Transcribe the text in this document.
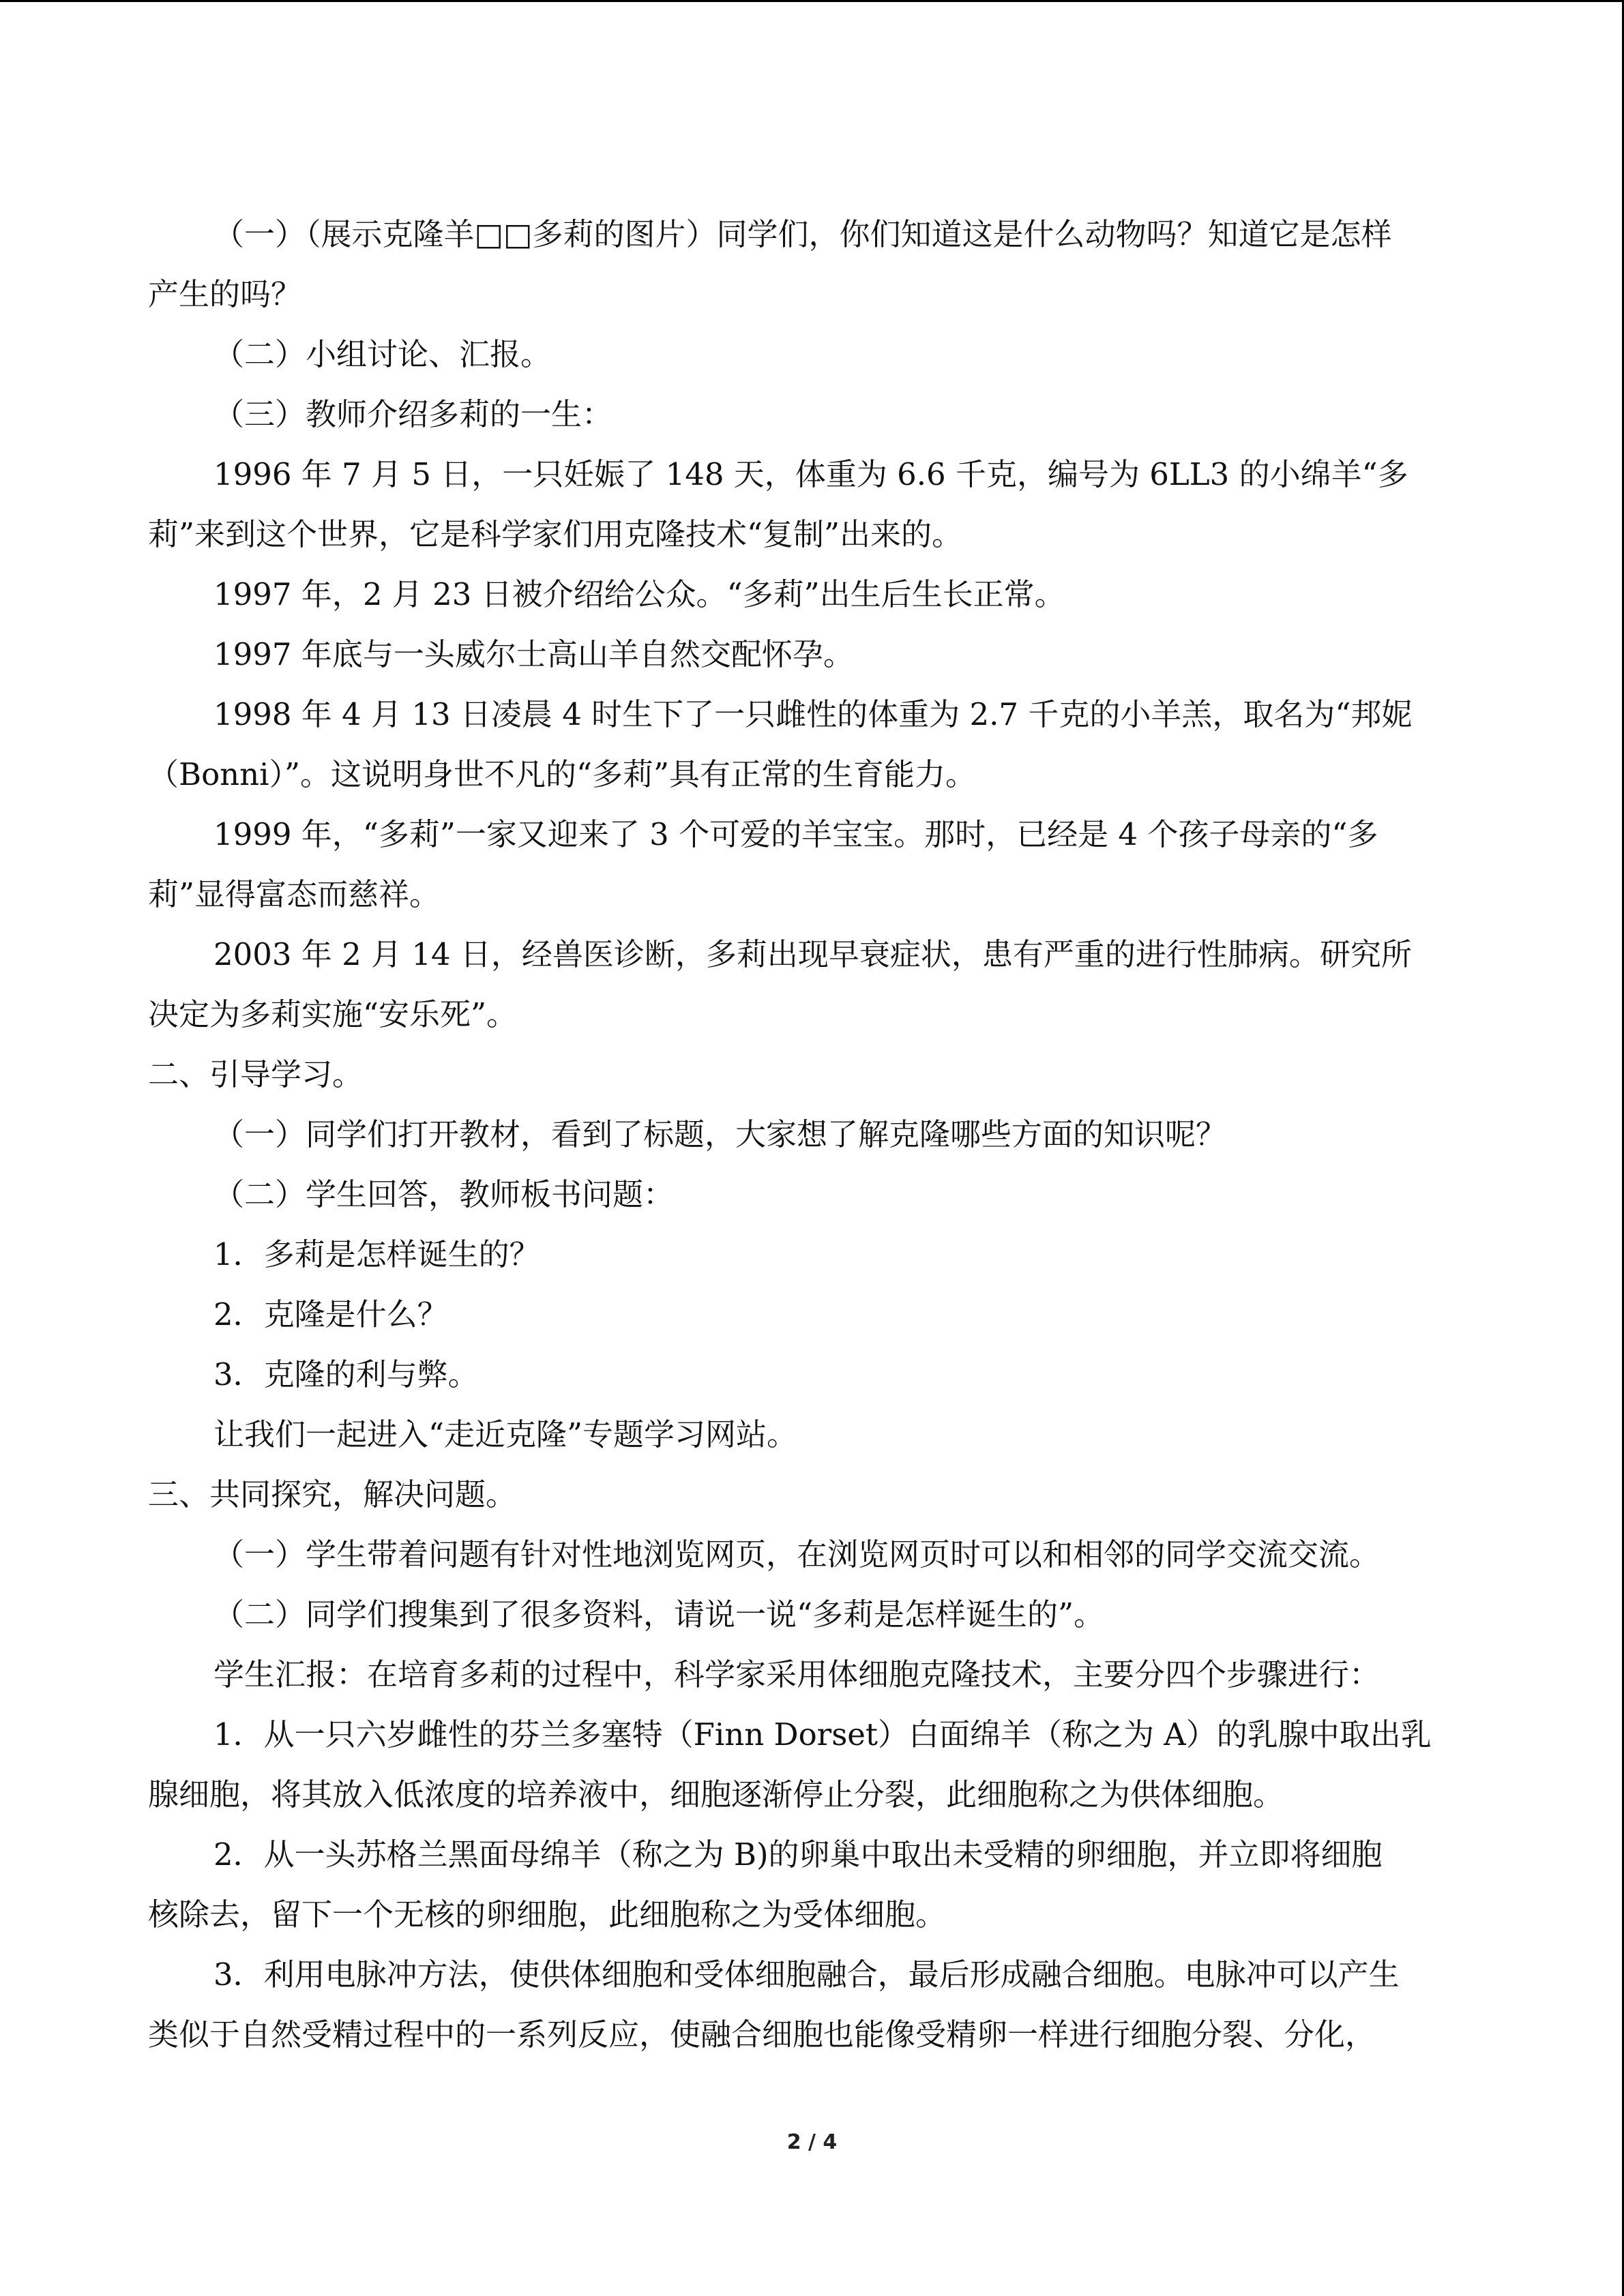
（一）（展示克隆羊□□多莉的图片）同学们，你们知道这是什么动物吗？知道它是怎样
产生的吗？
（二）小组讨论、汇报。
（三）教师介绍多莉的一生：
1996 年 7 月 5 日，一只妊娠了 148 天，体重为 6.6 千克，编号为 6LL3 的小绵羊“多
莉”来到这个世界，它是科学家们用克隆技术“复制”出来的。
1997 年，2 月 23 日被介绍给公众。“多莉”出生后生长正常。
1997 年底与一头威尔士高山羊自然交配怀孕。
1998 年 4 月 13 日凌晨 4 时生下了一只雌性的体重为 2.7 千克的小羊羔，取名为“邦妮
（Bonni）”。这说明身世不凡的“多莉”具有正常的生育能力。
1999 年，“多莉”一家又迎来了 3 个可爱的羊宝宝。那时，已经是 4 个孩子母亲的“多
莉”显得富态而慈祥。
2003 年 2 月 14 日，经兽医诊断，多莉出现早衰症状，患有严重的进行性肺病。研究所
决定为多莉实施“安乐死”。
二、引导学习。
（一）同学们打开教材，看到了标题，大家想了解克隆哪些方面的知识呢？
（二）学生回答，教师板书问题：
1．多莉是怎样诞生的？
2．克隆是什么？
3．克隆的利与弊。
让我们一起进入“走近克隆”专题学习网站。
三、共同探究，解决问题。
（一）学生带着问题有针对性地浏览网页，在浏览网页时可以和相邻的同学交流交流。
（二）同学们搜集到了很多资料，请说一说“多莉是怎样诞生的”。
学生汇报：在培育多莉的过程中，科学家采用体细胞克隆技术，主要分四个步骤进行：
1．从一只六岁雌性的芬兰多塞特（Finn Dorset）白面绵羊（称之为 A）的乳腺中取出乳
腺细胞，将其放入低浓度的培养液中，细胞逐渐停止分裂，此细胞称之为供体细胞。
2．从一头苏格兰黑面母绵羊（称之为 B)的卵巢中取出未受精的卵细胞，并立即将细胞
核除去，留下一个无核的卵细胞，此细胞称之为受体细胞。
3．利用电脉冲方法，使供体细胞和受体细胞融合，最后形成融合细胞。电脉冲可以产生
类似于自然受精过程中的一系列反应，使融合细胞也能像受精卵一样进行细胞分裂、分化，
2 / 4
